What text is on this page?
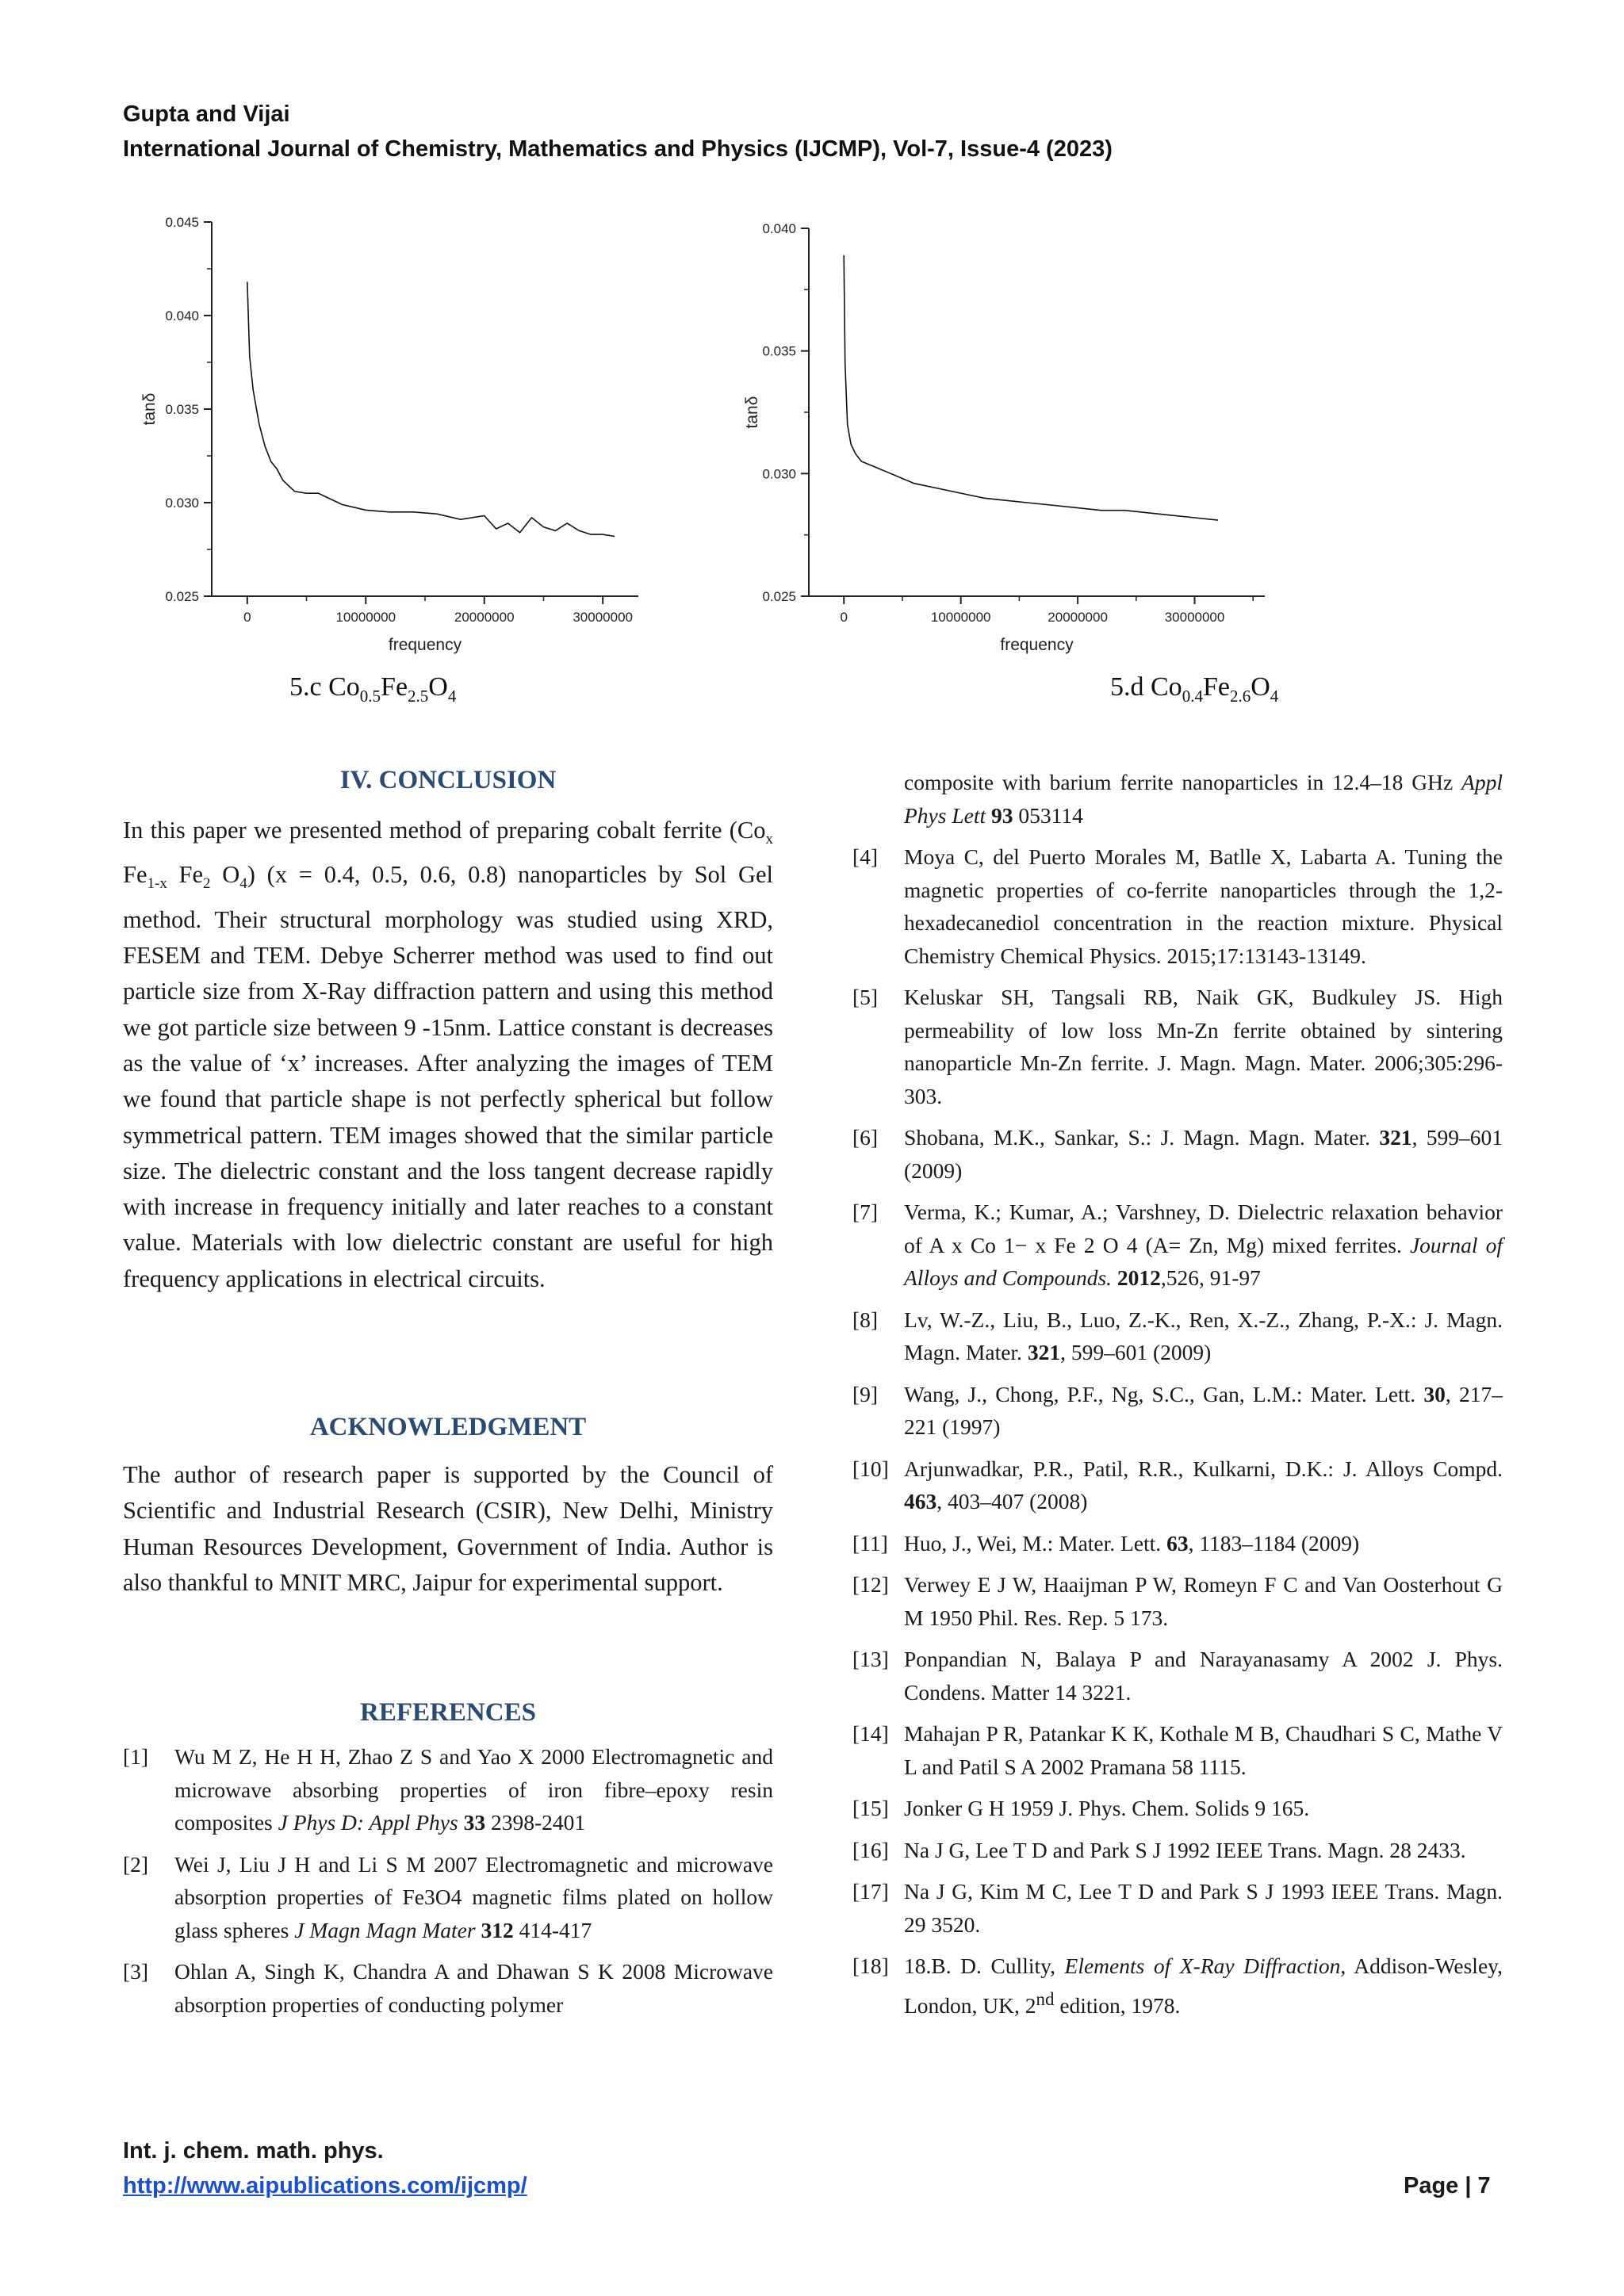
Gupta and Vijai
International Journal of Chemistry, Mathematics and Physics (IJCMP), Vol-7, Issue-4 (2023)
0.025
0.030
0.035
0.040
0.045
0	10000000	20000000	30000000
frequency
tanδ
5.c $Co_{0.5}Fe_{2.5}O_4$
0.025
0.030
0.035
0.040
0	10000000	20000000	30000000
frequency
tanδ
5.d $Co_{0.4}Fe_{2.6}O_4$
IV. CONCLUSION

In this paper we presented method of preparing cobalt ferrite ($Co_x$ $Fe_{1-x}$ $Fe_2$ $O_4$) (x = 0.4, 0.5, 0.6, 0.8) nanoparticles by Sol Gel method. Their structural morphology was studied using XRD, FESEM and TEM. Debye Scherrer method was used to find out particle size from X-Ray diffraction pattern and using this method we got particle size between 9 -15nm. Lattice constant is decreases as the value of ‘x’ increases. After analyzing the images of TEM we found that particle shape is not perfectly spherical but follow symmetrical pattern. TEM images showed that the similar particle size. The dielectric constant and the loss tangent decrease rapidly with increase in frequency initially and later reaches to a constant value. Materials with low dielectric constant are useful for high frequency applications in electrical circuits.

ACKNOWLEDGMENT

The author of research paper is supported by the Council of Scientific and Industrial Research (CSIR), New Delhi, Ministry Human Resources Development, Government of India. Author is also thankful to MNIT MRC, Jaipur for experimental support.

REFERENCES
[1]	Wu M Z, He H H, Zhao Z S and Yao X 2000 Electromagnetic and microwave absorbing properties of iron fibre–epoxy resin composites J Phys D: Appl Phys 33 2398-2401
[2]	Wei J, Liu J H and Li S M 2007 Electromagnetic and microwave absorption properties of Fe3O4 magnetic films plated on hollow glass spheres J Magn Magn Mater 312 414-417
[3]	Ohlan A, Singh K, Chandra A and Dhawan S K 2008 Microwave absorption properties of conducting polymer
composite with barium ferrite nanoparticles in 12.4–18 GHz Appl Phys Lett 93 053114
[4]	Moya C, del Puerto Morales M, Batlle X, Labarta A. Tuning the magnetic properties of co-ferrite nanoparticles through the 1,2-hexadecanediol concentration in the reaction mixture. Physical Chemistry Chemical Physics. 2015;17:13143-13149.
[5]	Keluskar SH, Tangsali RB, Naik GK, Budkuley JS. High permeability of low loss Mn-Zn ferrite obtained by sintering nanoparticle Mn-Zn ferrite. J. Magn. Magn. Mater. 2006;305:296-303.
[6]	Shobana, M.K., Sankar, S.: J. Magn. Magn. Mater. 321, 599–601 (2009)
[7]	Verma, K.; Kumar, A.; Varshney, D. Dielectric relaxation behavior of A x Co 1− x Fe 2 O 4 (A= Zn, Mg) mixed ferrites. Journal of Alloys and Compounds. 2012,526, 91-97
[8]	Lv, W.-Z., Liu, B., Luo, Z.-K., Ren, X.-Z., Zhang, P.-X.: J. Magn. Magn. Mater. 321, 599–601 (2009)
[9]	Wang, J., Chong, P.F., Ng, S.C., Gan, L.M.: Mater. Lett. 30, 217–221 (1997)
[10] Arjunwadkar, P.R., Patil, R.R., Kulkarni, D.K.: J. Alloys Compd. 463, 403–407 (2008)
[11] Huo, J., Wei, M.: Mater. Lett. 63, 1183–1184 (2009)
[12] Verwey E J W, Haaijman P W, Romeyn F C and Van Oosterhout G M 1950 Phil. Res. Rep. 5 173.
[13] Ponpandian N, Balaya P and Narayanasamy A 2002 J. Phys. Condens. Matter 14 3221.
[14] Mahajan P R, Patankar K K, Kothale M B, Chaudhari S C, Mathe V L and Patil S A 2002 Pramana 58 1115.
[15] Jonker G H 1959 J. Phys. Chem. Solids 9 165.
[16] Na J G, Lee T D and Park S J 1992 IEEE Trans. Magn. 28 2433.
[17] Na J G, Kim M C, Lee T D and Park S J 1993 IEEE Trans. Magn. 29 3520.
[18] 18.B. D. Cullity, Elements of X-Ray Diffraction, Addison-Wesley, London, UK, 2nd edition, 1978.
Int. j. chem. math. phys.
http://www.aipublications.com/ijcmp/	Page | 7
